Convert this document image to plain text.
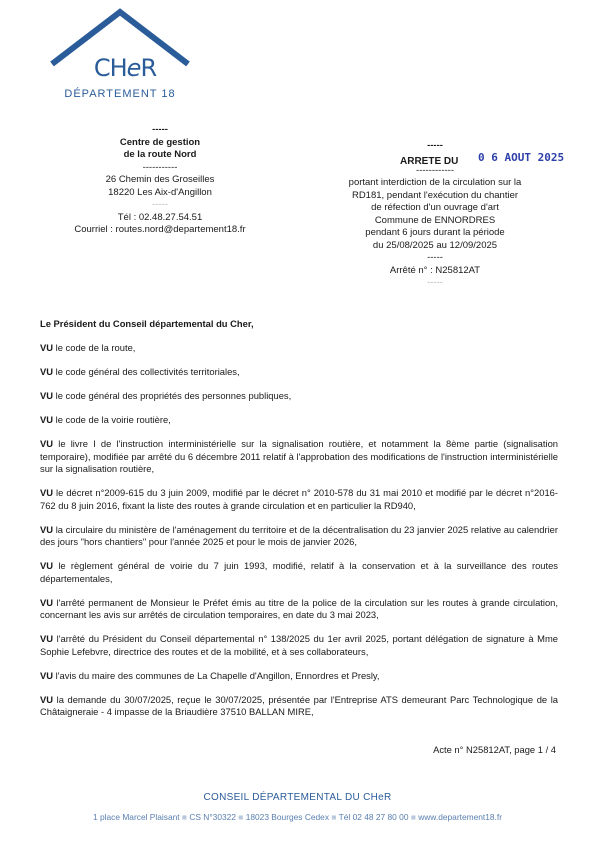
CHeR
DÉPARTEMENT 18
-----
Centre de gestion
de la route Nord
-----------
26 Chemin des Groseilles
18220 Les Aix-d'Angillon
-----
Tél : 02.48.27.54.51
Courriel : routes.nord@departement18.fr
ARRETE DU 0 6 AOUT 2025
-----
------------
portant interdiction de la circulation sur la
RD181, pendant l'exécution du chantier
de réfection d'un ouvrage d'art
Commune de ENNORDRES
pendant 6 jours durant la période
du 25/08/2025 au 12/09/2025
-----
Arrêté n° : N25812AT
-----

Le Président du Conseil départemental du Cher,

VU le code de la route,

VU le code général des collectivités territoriales,

VU le code général des propriétés des personnes publiques,

VU le code de la voirie routière,

VU le livre I de l'instruction interministérielle sur la signalisation routière, et notamment la 8ème partie (signalisation temporaire), modifiée par arrêté du 6 décembre 2011 relatif à l'approbation des modifications de l'instruction interministérielle sur la signalisation routière,

VU le décret n°2009-615 du 3 juin 2009, modifié par le décret n° 2010-578 du 31 mai 2010 et modifié par le décret n°2016-762 du 8 juin 2016, fixant la liste des routes à grande circulation et en particulier la RD940,

VU la circulaire du ministère de l'aménagement du territoire et de la décentralisation du 23 janvier 2025 relative au calendrier des jours "hors chantiers" pour l'année 2025 et pour le mois de janvier 2026,

VU le règlement général de voirie du 7 juin 1993, modifié, relatif à la conservation et à la surveillance des routes départementales,

VU l'arrêté permanent de Monsieur le Préfet émis au titre de la police de la circulation sur les routes à grande circulation, concernant les avis sur arrêtés de circulation temporaires, en date du 3 mai 2023,

VU l'arrêté du Président du Conseil départemental n° 138/2025 du 1er avril 2025, portant délégation de signature à Mme Sophie Lefebvre, directrice des routes et de la mobilité, et à ses collaborateurs,

VU l'avis du maire des communes de La Chapelle d'Angillon, Ennordres et Presly,

VU la demande du 30/07/2025, reçue le 30/07/2025, présentée par l'Entreprise ATS demeurant Parc Technologique de la Châtaigneraie - 4 impasse de la Briaudière 37510 BALLAN MIRE,

Acte n° N25812AT, page 1 / 4
CONSEIL DÉPARTEMENTAL DU CHeR
1 place Marcel Plaisant ■ CS N°30322 ■ 18023 Bourges Cedex ■ Tél 02 48 27 80 00 ■ www.departement18.fr
